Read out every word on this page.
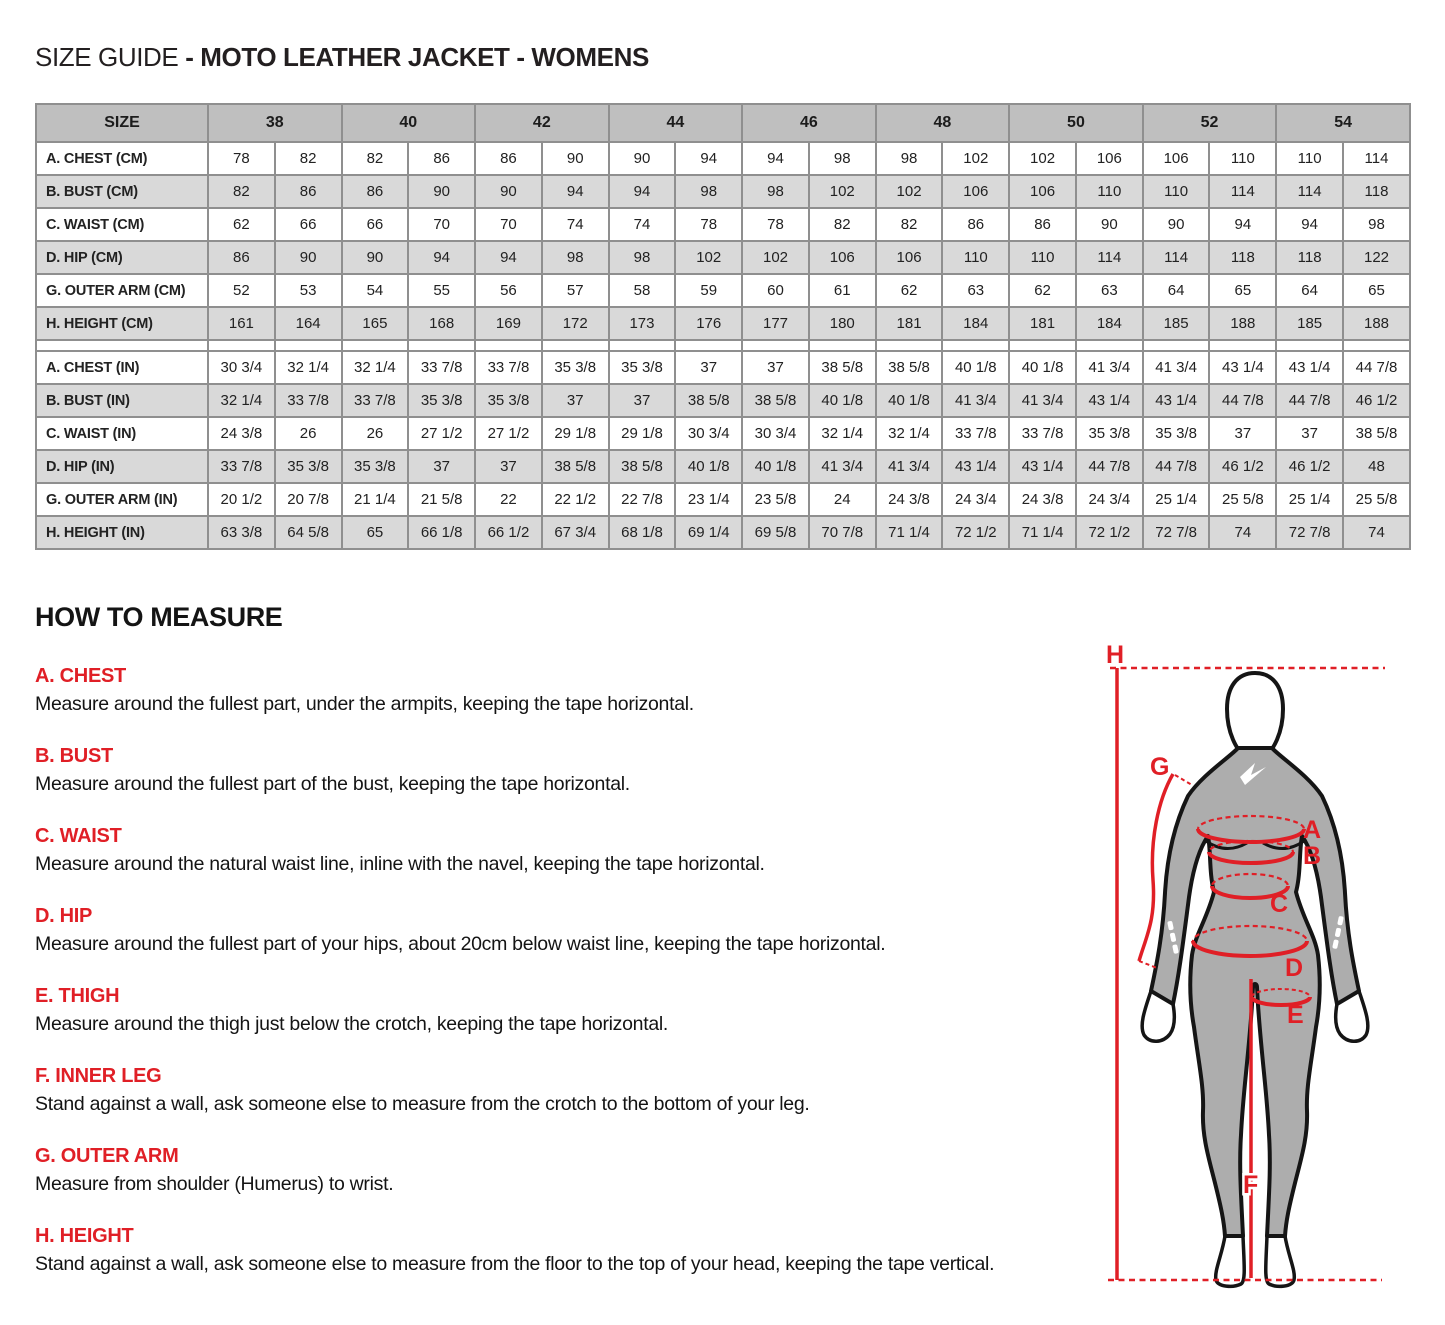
SIZE GUIDE - MOTO LEATHER JACKET - WOMENS
SIZE	38		40		42		44		46		48		50		52		54	
A. CHEST (CM)	78	82	82	86	86	90	90	94	94	98	98	102	102	106	106	110	110	114
B. BUST (CM)	82	86	86	90	90	94	94	98	98	102	102	106	106	110	110	114	114	118
C. WAIST (CM)	62	66	66	70	70	74	74	78	78	82	82	86	86	90	90	94	94	98
D. HIP (CM)	86	90	90	94	94	98	98	102	102	106	106	110	110	114	114	118	118	122
G. OUTER ARM (CM)	52	53	54	55	56	57	58	59	60	61	62	63	62	63	64	65	64	65
H. HEIGHT (CM)	161	164	165	168	169	172	173	176	177	180	181	184	181	184	185	188	185	188

A. CHEST (IN)	30 3/4	32 1/4	32 1/4	33 7/8	33 7/8	35 3/8	35 3/8	37	37	38 5/8	38 5/8	40 1/8	40 1/8	41 3/4	41 3/4	43 1/4	43 1/4	44 7/8
B. BUST (IN)	32 1/4	33 7/8	33 7/8	35 3/8	35 3/8	37	37	38 5/8	38 5/8	40 1/8	40 1/8	41 3/4	41 3/4	43 1/4	43 1/4	44 7/8	44 7/8	46 1/2
C. WAIST (IN)	24 3/8	26	26	27 1/2	27 1/2	29 1/8	29 1/8	30 3/4	30 3/4	32 1/4	32 1/4	33 7/8	33 7/8	35 3/8	35 3/8	37	37	38 5/8
D. HIP (IN)	33 7/8	35 3/8	35 3/8	37	37	38 5/8	38 5/8	40 1/8	40 1/8	41 3/4	41 3/4	43 1/4	43 1/4	44 7/8	44 7/8	46 1/2	46 1/2	48
G. OUTER ARM (IN)	20 1/2	20 7/8	21 1/4	21 5/8	22	22 1/2	22 7/8	23 1/4	23 5/8	24	24 3/8	24 3/4	24 3/8	24 3/4	25 1/4	25 5/8	25 1/4	25 5/8
H. HEIGHT (IN)	63 3/8	64 5/8	65	66 1/8	66 1/2	67 3/4	68 1/8	69 1/4	69 5/8	70 7/8	71 1/4	72 1/2	71 1/4	72 1/2	72 7/8	74	72 7/8	74
HOW TO MEASURE
A. CHEST
Measure around the fullest part, under the armpits, keeping the tape horizontal.
B. BUST
Measure around the fullest part of the bust, keeping the tape horizontal.
C. WAIST
Measure around the natural waist line, inline with the navel, keeping the tape horizontal.
D. HIP
Measure around the fullest part of your hips, about 20cm below waist line, keeping the tape horizontal.
E. THIGH
Measure around the thigh just below the crotch, keeping the tape horizontal.
F. INNER LEG
Stand against a wall, ask someone else to measure from the crotch to the bottom of your leg.
G. OUTER ARM
Measure from shoulder (Humerus) to wrist.
H. HEIGHT
Stand against a wall, ask someone else to measure from the floor to the top of your head, keeping the tape vertical.
H
G
A
B
C
D
E
F
